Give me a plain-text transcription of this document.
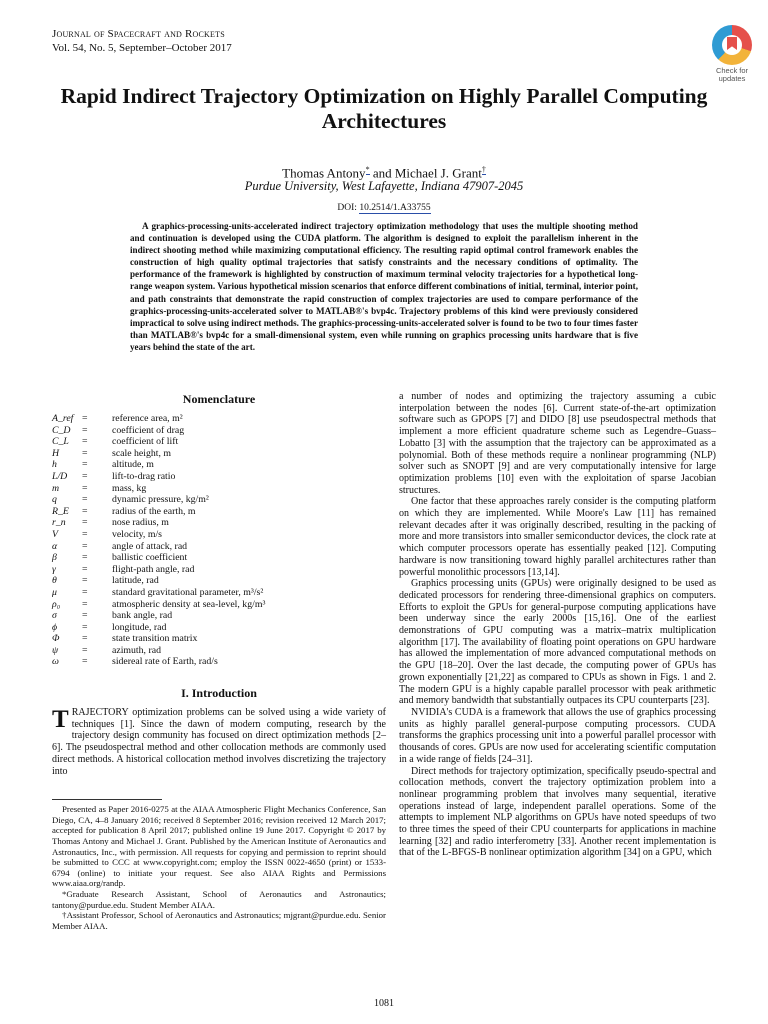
Journal of Spacecraft and Rockets
Vol. 54, No. 5, September–October 2017
Check for
updates
Rapid Indirect Trajectory Optimization on Highly Parallel Computing Architectures
Thomas Antony* and Michael J. Grant†
Purdue University, West Lafayette, Indiana 47907-2045
DOI: 10.2514/1.A33755
A graphics-processing-units-accelerated indirect trajectory optimization methodology that uses the multiple shooting method and continuation is developed using the CUDA platform. The algorithm is designed to exploit the parallelism inherent in the indirect shooting method while maximizing computational efficiency. The resulting rapid optimal control framework enables the construction of high quality optimal trajectories that satisfy constraints and the necessary conditions of optimality. The performance of the framework is highlighted by construction of maximum terminal velocity trajectories for a hypothetical long-range weapon system. Various hypothetical mission scenarios that enforce different combinations of initial, terminal, interior point, and path constraints that demonstrate the rapid construction of complex trajectories are used to compare performance of the graphics-processing-units-accelerated solver to MATLAB®'s bvp4c. Trajectory problems of this kind were previously considered impractical to solve using indirect methods. The graphics-processing-units-accelerated solver is found to be two to four times faster than MATLAB®'s bvp4c for a small-dimensional system, even while running on graphics processing units hardware that is five years behind the state of the art.
Nomenclature
A_ref =	reference area, m²
C_D	=	coefficient of drag
C_L	=	coefficient of lift
H	=	scale height, m
h	=	altitude, m
L/D	=	lift-to-drag ratio
m	=	mass, kg
q	=	dynamic pressure, kg/m²
R_E	=	radius of the earth, m
r_n	=	nose radius, m
V	=	velocity, m/s
α	=	angle of attack, rad
β	=	ballistic coefficient
γ	=	flight-path angle, rad
θ	=	latitude, rad
μ	=	standard gravitational parameter, m³/s²
ρ₀	=	atmospheric density at sea-level, kg/m³
σ	=	bank angle, rad
ϕ	=	longitude, rad
Φ	=	state transition matrix
ψ	=	azimuth, rad
ω	=	sidereal rate of Earth, rad/s
I. Introduction

TRAJECTORY optimization problems can be solved using a wide variety of techniques [1]. Since the dawn of modern computing, research by the trajectory design community has focused on direct optimization methods [2–6]. The pseudospectral method and other collocation methods are commonly used direct methods. A historical collocation method involves discretizing the trajectory into

Presented as Paper 2016-0275 at the AIAA Atmospheric Flight Mechanics Conference, San Diego, CA, 4–8 January 2016; received 8 September 2016; revision received 12 March 2017; accepted for publication 8 April 2017; published online 19 June 2017. Copyright © 2017 by Thomas Antony and Michael J. Grant. Published by the American Institute of Aeronautics and Astronautics, Inc., with permission. All requests for copying and permission to reprint should be submitted to CCC at www.copyright.com; employ the ISSN 0022-4650 (print) or 1533-6794 (online) to initiate your request. See also AIAA Rights and Permissions www.aiaa.org/randp.

*Graduate Research Assistant, School of Aeronautics and Astronautics; tantony@purdue.edu. Student Member AIAA.

†Assistant Professor, School of Aeronautics and Astronautics; mjgrant@purdue.edu. Senior Member AIAA.

a number of nodes and optimizing the trajectory assuming a cubic interpolation between the nodes [6]. Current state-of-the-art optimization software such as GPOPS [7] and DIDO [8] use pseudospectral methods that implement a more efficient quadrature scheme such as Legendre–Guass–Lobatto [3] with the assumption that the trajectory can be approximated as a polynomial. Both of these methods require a nonlinear programming (NLP) solver such as SNOPT [9] and are very computationally intensive for large optimization problems [10] even with the exploitation of sparse Jacobian structures.

One factor that these approaches rarely consider is the computing platform on which they are implemented. While Moore's Law [11] has remained relevant decades after it was originally described, resulting in the packing of more and more transistors into smaller semiconductor devices, the clock rate at which computer processors operate has essentially peaked [12]. Computing hardware is now transitioning toward highly parallel architectures rather than powerful monolithic processors [13,14].

Graphics processing units (GPUs) were originally designed to be used as dedicated processors for rendering three-dimensional graphics on computers. Efforts to exploit the GPUs for general-purpose computing applications have been underway since the early 2000s [15,16]. One of the earliest demonstrations of GPU computing was a matrix–matrix multiplication algorithm [17]. The availability of floating point operations on GPU hardware has allowed the implementation of more advanced computational methods on the GPU [18–20]. Over the last decade, the computing power of GPUs has grown exponentially [21,22] as compared to CPUs as shown in Figs. 1 and 2. The modern GPU is a highly capable parallel processor with peak arithmetic and memory bandwidth that substantially outpaces its CPU counterparts [23].

NVIDIA's CUDA is a framework that allows the use of graphics processing units as highly parallel general-purpose computing processors. CUDA transforms the graphics processing unit into a powerful parallel processor with thousands of cores. GPUs are now used for accelerating scientific computation in a wide range of fields [24–31].

Direct methods for trajectory optimization, specifically pseudo-spectral and collocation methods, convert the trajectory optimization problem into a nonlinear programming problem that involves many sequential, iterative operations instead of large, independent parallel operations. Some of the attempts to implement NLP algorithms on GPUs have noted speedups of two to three times the speed of their CPU counterparts for applications in machine learning [32] and radio interferometry [33]. Another recent implementation is that of the L-BFGS-B nonlinear optimization algorithm [34] on a GPU, which

1081
